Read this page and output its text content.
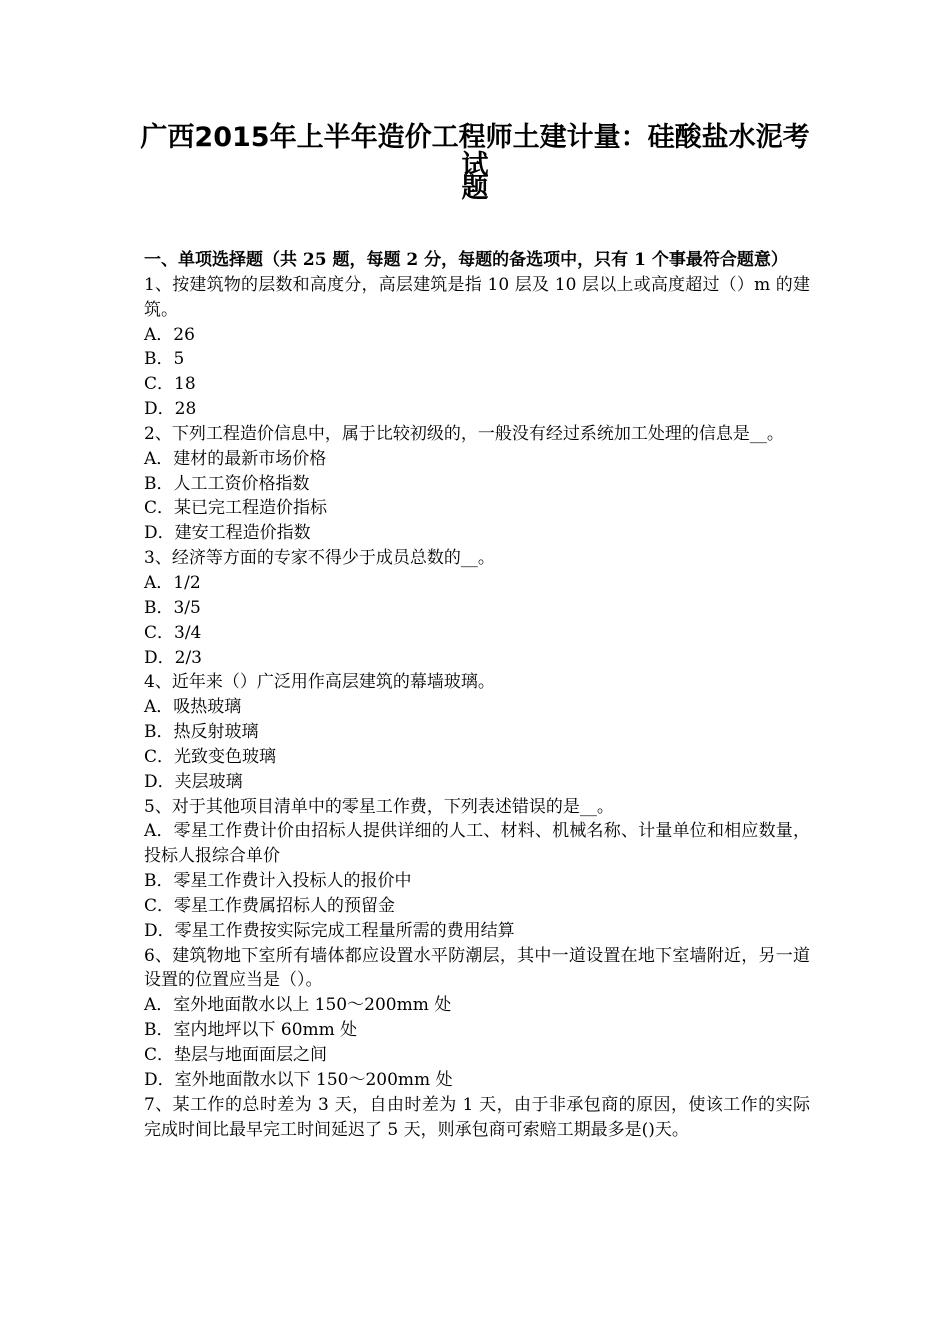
广西2015年上半年造价工程师土建计量：硅酸盐水泥考试
题
一、单项选择题（共 25 题，每题 2 分，每题的备选项中，只有 1 个事最符合题意）
1、按建筑物的层数和高度分，高层建筑是指 10 层及 10 层以上或高度超过（）m 的建筑。
A．26
B．5
C．18
D．28
2、下列工程造价信息中，属于比较初级的，一般没有经过系统加工处理的信息是__。
A．建材的最新市场价格
B．人工工资价格指数
C．某已完工程造价指标
D．建安工程造价指数
3、经济等方面的专家不得少于成员总数的__。
A．1/2
B．3/5
C．3/4
D．2/3
4、近年来（）广泛用作高层建筑的幕墙玻璃。
A．吸热玻璃
B．热反射玻璃
C．光致变色玻璃
D．夹层玻璃
5、对于其他项目清单中的零星工作费，下列表述错误的是__。
A．零星工作费计价由招标人提供详细的人工、材料、机械名称、计量单位和相应数量，投标人报综合单价
B．零星工作费计入投标人的报价中
C．零星工作费属招标人的预留金
D．零星工作费按实际完成工程量所需的费用结算
6、建筑物地下室所有墙体都应设置水平防潮层，其中一道设置在地下室墙附近，另一道设置的位置应当是（）。
A．室外地面散水以上 150～200mm 处
B．室内地坪以下 60mm 处
C．垫层与地面面层之间
D．室外地面散水以下 150～200mm 处
7、某工作的总时差为 3 天，自由时差为 1 天，由于非承包商的原因，使该工作的实际完成时间比最早完工时间延迟了 5 天，则承包商可索赔工期最多是()天。
